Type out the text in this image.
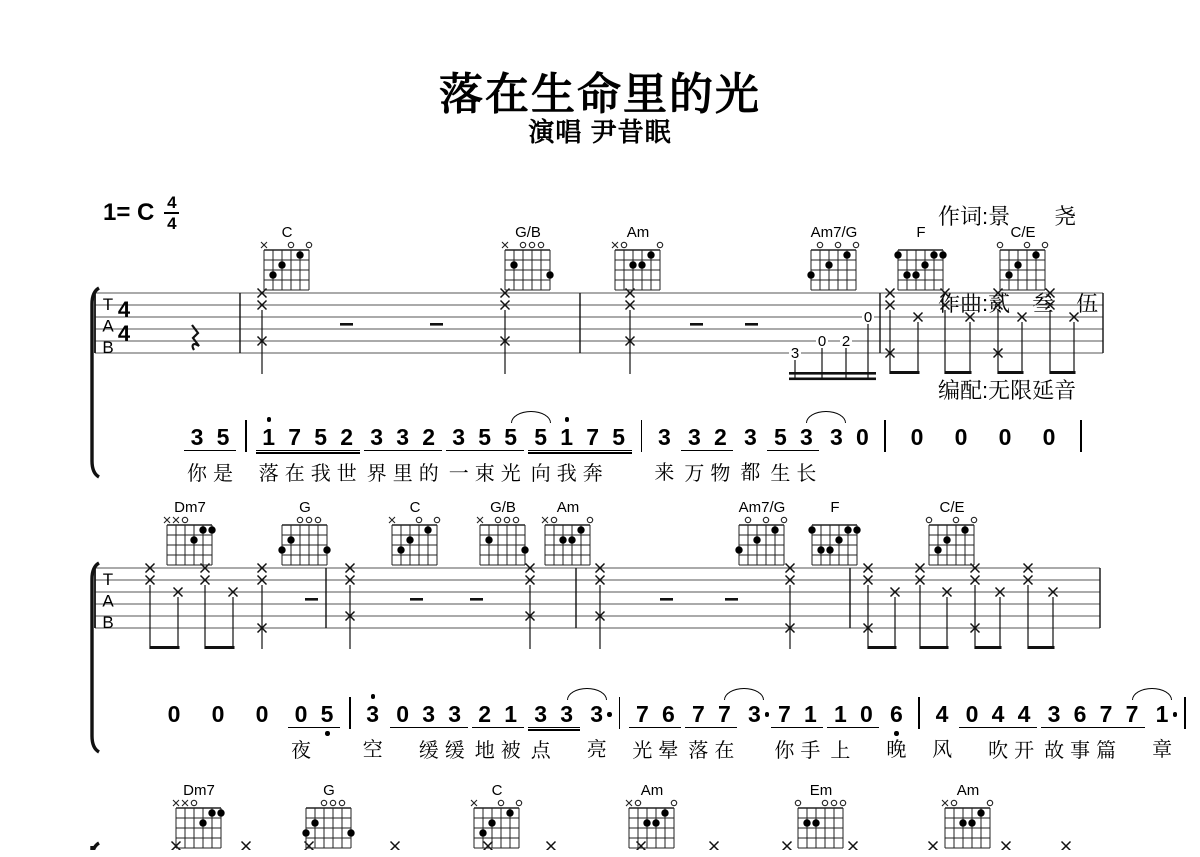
落在生命里的光
演唱 尹昔眠

作词:景　　尧

作曲:贰　叁　伍

编配:无限延音

1= C $\frac{4}{4}$
T
A
B
4
4
3
0 2
0
T
A
B
C	G/B	Am	Am7/G	F	C/E
Dm7	G	C	G/B	Am	Am7/G	F	C/E
Dm7	G	C	Am	Em	Am
3 5
你 是
1 7 5 2
落 在 我 世
3 3 2
界 里 的
3 5 5
一 束 光
5 1 7 5
向 我 奔
3
来
3 2
万 物
3
都
5 3
生 长
3 0	0	0	0	0
0	0	0	0 5
夜
3
空
0 3 3
缓 缓
2 1
地 被
3 3
点
3
亮
7 6
光 晕
7 7
落 在
3 7 1
你 手
1 0
上
6
晚
4
风
0 4 4
吹 开
3 6 7 7
故 事 篇
1
章
